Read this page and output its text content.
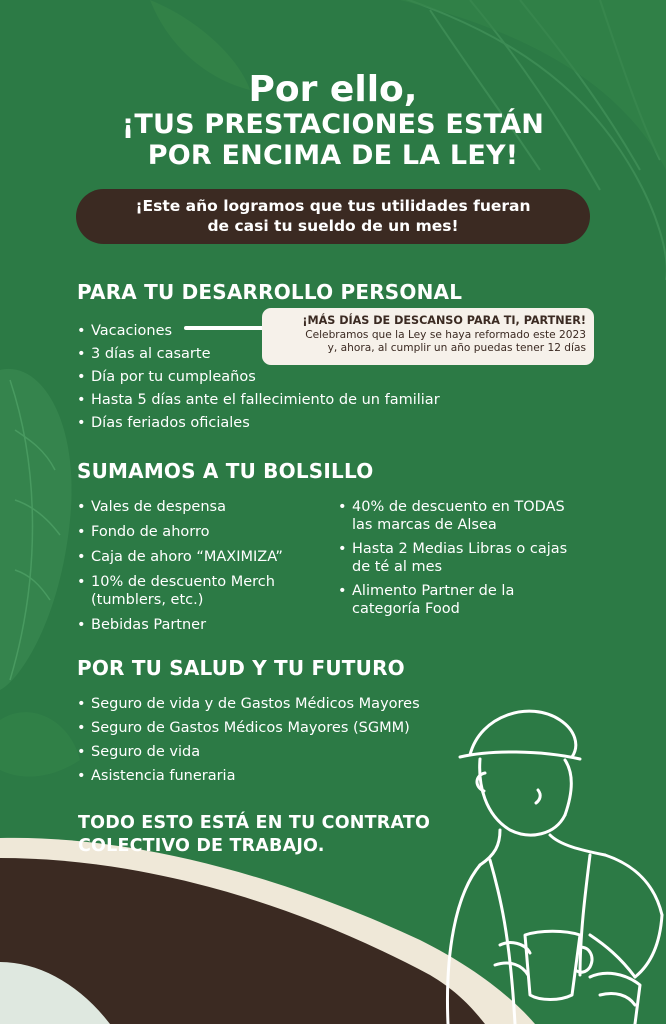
Por ello,
¡TUS PRESTACIONES ESTÁN
POR ENCIMA DE LA LEY!
¡Este año logramos que tus utilidades fueran
de casi tu sueldo de un mes!
PARA TU DESARROLLO PERSONAL
• Vacaciones
• 3 días al casarte
• Día por tu cumpleaños
• Hasta 5 días ante el fallecimiento de un familiar
• Días feriados oficiales
¡MÁS DÍAS DE DESCANSO PARA TI, PARTNER!
Celebramos que la Ley se haya reformado este 2023
y, ahora, al cumplir un año puedas tener 12 días
SUMAMOS A TU BOLSILLO
• Vales de despensa
• Fondo de ahorro
• Caja de ahoro “MAXIMIZA”
• 10% de descuento Merch
(tumblers, etc.)
• Bebidas Partner
• 40% de descuento en TODAS
las marcas de Alsea
• Hasta 2 Medias Libras o cajas
de té al mes
• Alimento Partner de la
categoría Food
POR TU SALUD Y TU FUTURO
• Seguro de vida y de Gastos Médicos Mayores
• Seguro de Gastos Médicos Mayores (SGMM)
• Seguro de vida
• Asistencia funeraria
TODO ESTO ESTÁ EN TU CONTRATO
COLECTIVO DE TRABAJO.
